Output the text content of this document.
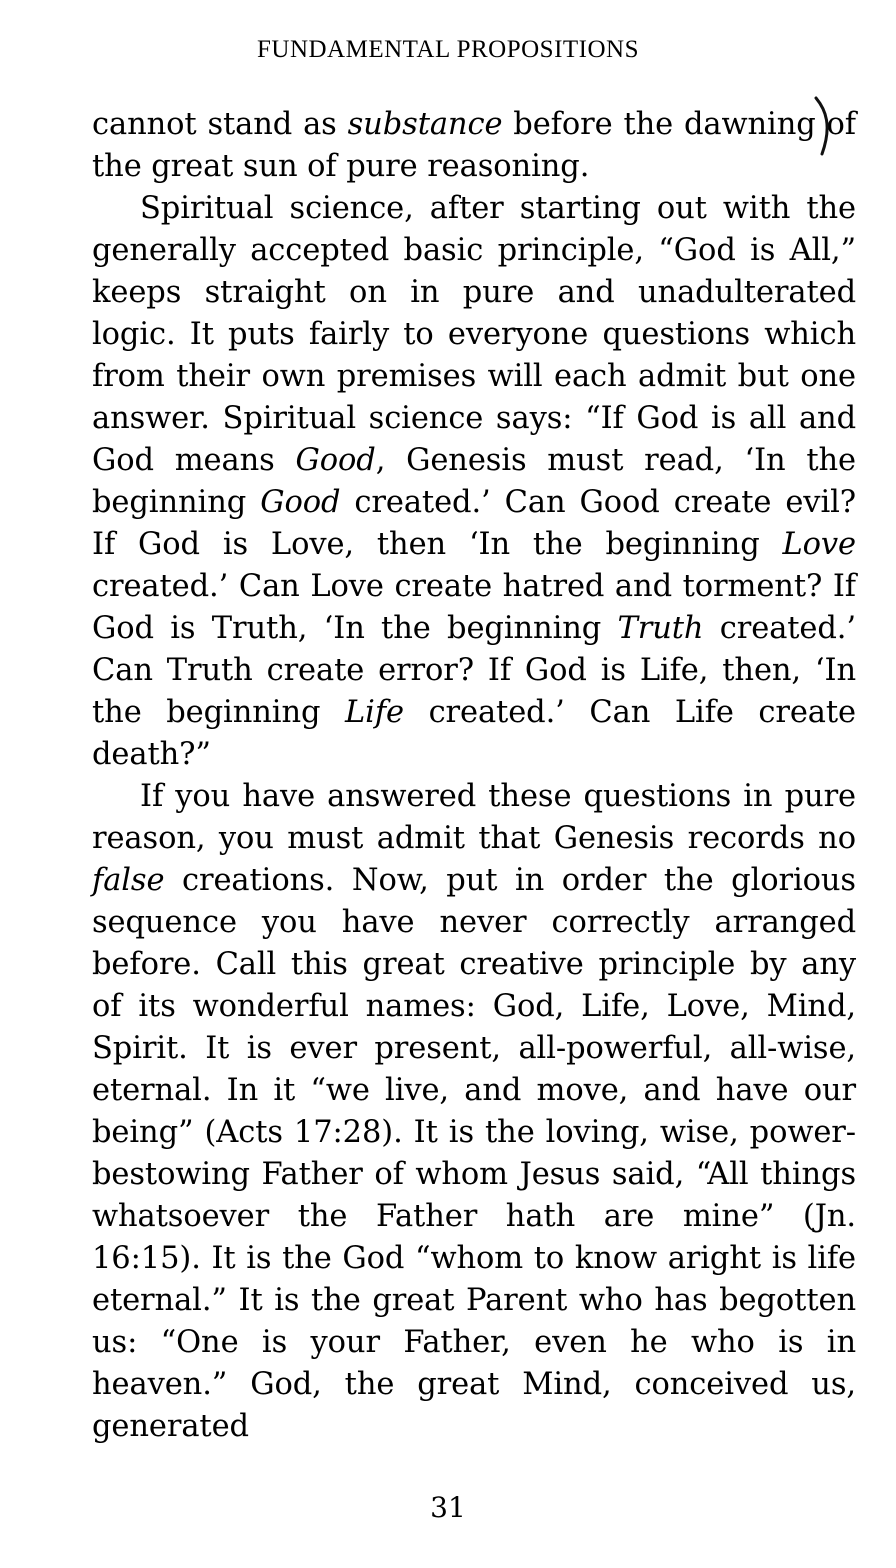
FUNDAMENTAL PROPOSITIONS

cannot stand as substance before the dawning of the great sun of pure reasoning.

Spiritual science, after starting out with the generally accepted basic principle, “God is All,” keeps straight on in pure and unadulterated logic. It puts fairly to everyone questions which from their own premises will each admit but one answer. Spiritual science says: “If God is all and God means Good, Genesis must read, ‘In the beginning Good created.’ Can Good create evil? If God is Love, then ‘In the beginning Love created.’ Can Love create hatred and torment? If God is Truth, ‘In the beginning Truth created.’ Can Truth create error? If God is Life, then, ‘In the beginning Life created.’ Can Life create death?”

If you have answered these questions in pure reason, you must admit that Genesis records no false creations. Now, put in order the glorious sequence you have never correctly arranged before. Call this great creative principle by any of its wonderful names: God, Life, Love, Mind, Spirit. It is ever present, all-powerful, all-wise, eternal. In it “we live, and move, and have our being” (Acts 17:28). It is the loving, wise, power-bestowing Father of whom Jesus said, “All things whatsoever the Father hath are mine” (Jn. 16:15). It is the God “whom to know aright is life eternal.” It is the great Parent who has begotten us: “One is your Father, even he who is in heaven.” God, the great Mind, conceived us, generated

31
